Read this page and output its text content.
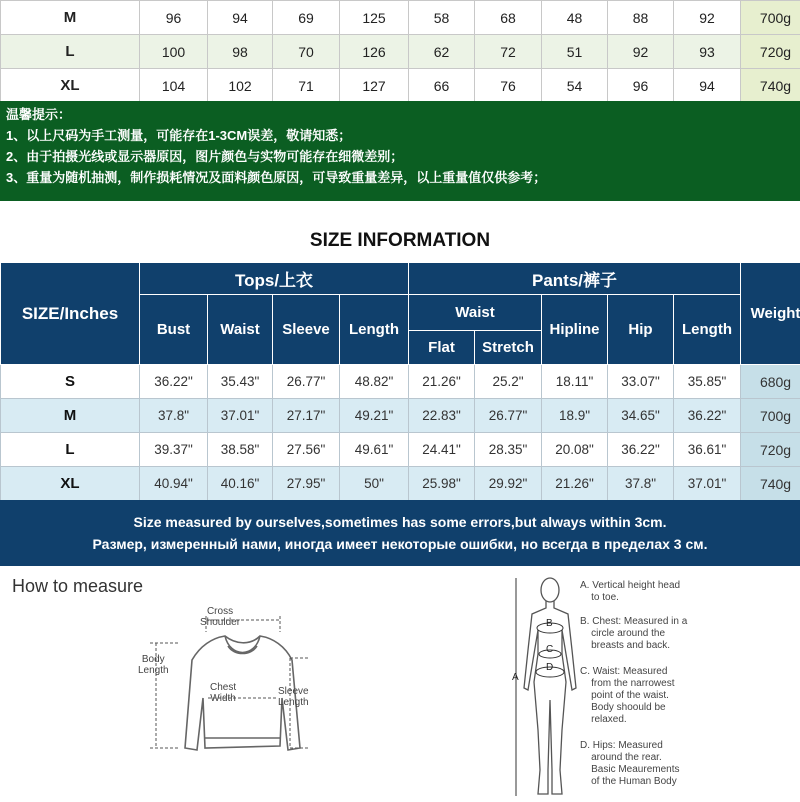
M	96	94	69	125	58	68	48	88	92	700g
L	100	98	70	126	62	72	51	92	93	720g
XL	104	102	71	127	66	76	54	96	94	740g
温馨提示：
1、以上尺码为手工测量，可能存在1-3CM误差，敬请知悉；
2、由于拍摄光线或显示器原因，图片颜色与实物可能存在细微差别；
3、重量为随机抽测，制作损耗情况及面料颜色原因，可导致重量差异，以上重量值仅供参考；
SIZE INFORMATION
SIZE/Inches	Tops/上衣				Pants/裤子					Weight
	Bust	Waist	Sleeve	Length	Waist		Hipline	Hip	Length	
					Flat	Stretch				
S	36.22"	35.43"	26.77"	48.82"	21.26"	25.2"	18.11"	33.07"	35.85"	680g
M	37.8"	37.01"	27.17"	49.21"	22.83"	26.77"	18.9"	34.65"	36.22"	700g
L	39.37"	38.58"	27.56"	49.61"	24.41"	28.35"	20.08"	36.22"	36.61"	720g
XL	40.94"	40.16"	27.95"	50"	25.98"	29.92"	21.26"	37.8"	37.01"	740g
Size measured by ourselves,sometimes has some errors,but always within 3cm.
Размер, измеренный нами, иногда имеет некоторые ошибки, но всегда в пределах 3 см.
How to measure
Cross
Shoulder
Body
Length
Chest
Width
Sleeve
Length
A
B
C
D
A. Vertical height head
to toe.
B. Chest: Measured in a
circle around the
breasts and back.
C. Waist: Measured
from the narrowest
point of the waist.
Body shoould be
relaxed.
D. Hips: Measured
around the rear.
Basic Meaurements
of the Human Body
